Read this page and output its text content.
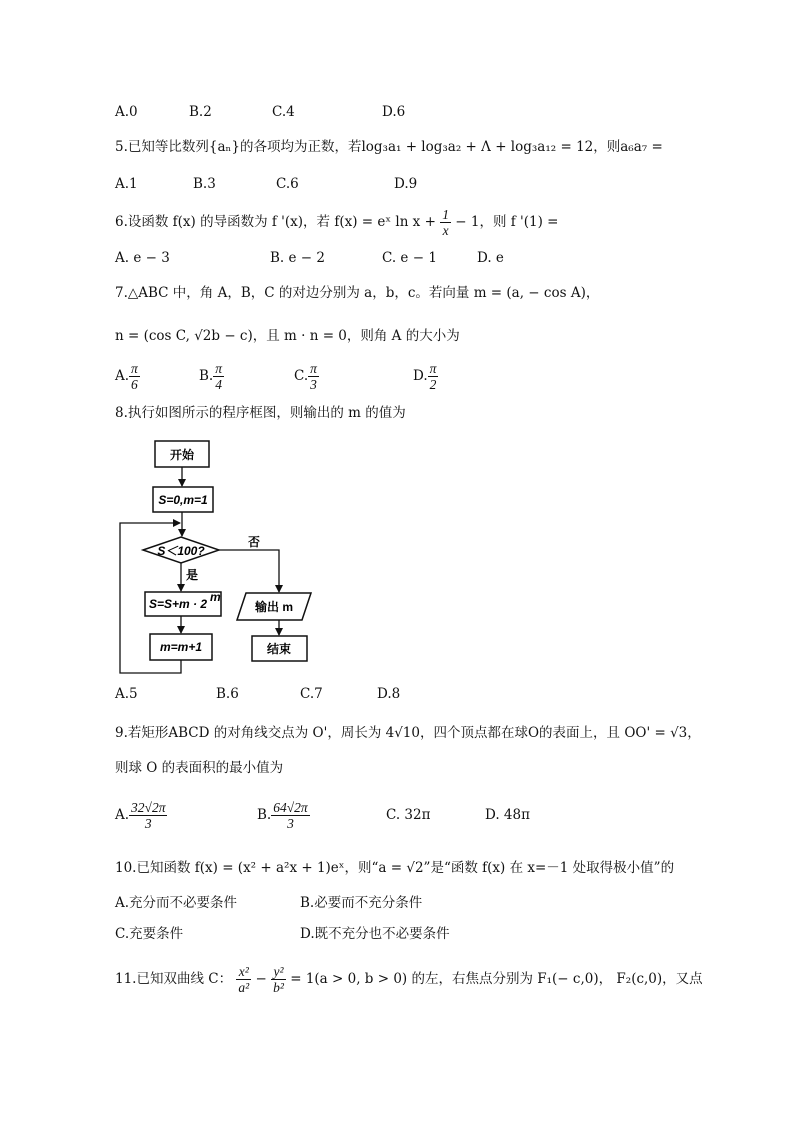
A.0	B.2	C.4	D.6
5.已知等比数列{aₙ}的各项均为正数，若log₃a₁ + log₃a₂ + Λ + log₃a₁₂ = 12，则a₆a₇ =
A.1	B.3	C.6	D.9
6.设函数 f(x) 的导函数为 f '(x)，若 f(x) = eˣ $\ln x + \frac{1}{x} - 1$，则 f '(1) =
A. e − 3	B. e − 2	C. e − 1	D. e
7.△ABC 中，角 A，B，C 的对边分别为 a，b，c。若向量 m = (a, − cos A)，
n = (cos C, √2b − c)，且 m · n = 0，则角 A 的大小为
A. $\frac{\pi}{6}$	B. $\frac{\pi}{4}$	C. $\frac{\pi}{3}$	D. $\frac{\pi}{2}$
8.执行如图所示的程序框图，则输出的 m 的值为
开始
S=0,m=1
S＜100?
否
是
S=S+m · 2 m
m=m+1
输出 m
结束
A.5	B.6	C.7	D.8
9.若矩形ABCD 的对角线交点为 O'，周长为 4√10，四个顶点都在球O的表面上，且 OO' = √3，
则球 O 的表面积的最小值为
A. $\frac{32√2\pi}{3}$	B. $\frac{64√2\pi}{3}$	C. 32π	D. 48π
10.已知函数 f(x) = (x² + a²x + 1)eˣ，则“a = √2”是“函数 f(x) 在 x=－1 处取得极小值”的
A.充分而不必要条件	B.必要而不充分条件
C.充要条件	D.既不充分也不必要条件
11.已知双曲线 C： $\frac{\text{x²}}{\text{a²}} - \frac{\text{y²}}{\text{b²}} = 1(a > 0$, b > 0) 的左，右焦点分别为 F₁(− c,0)， F₂(c,0)，又点
